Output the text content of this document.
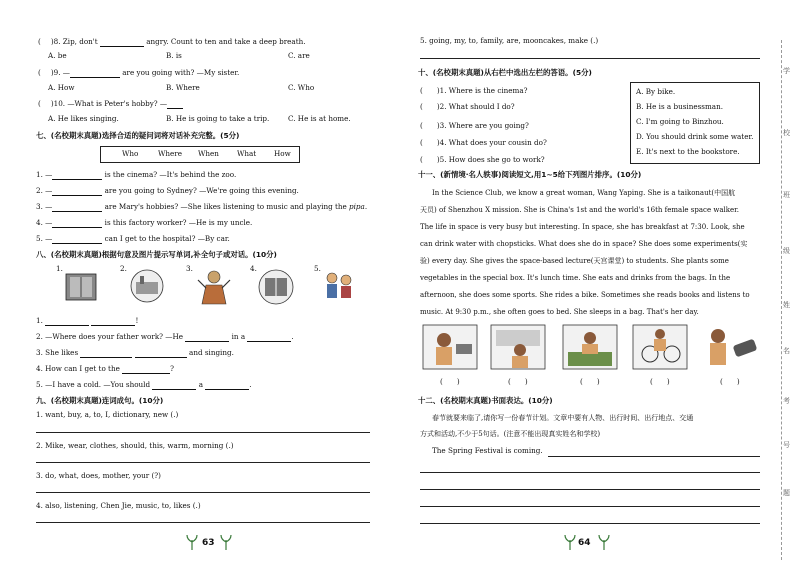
( )8. Zip, don't	angry. Count to ten and take a deep breath.
A. be	B. is	C. are
( )9. —	are you going with? —My sister.
A. How	B. Where	C. Who
( )10. —What is Peter's hobby? —
A. He likes singing.	B. He is going to take a trip.	C. He is at home.
七、(名校期末真题)选择合适的疑问词将对话补充完整。(5分)
Who	Where When	What How
1. —	is the cinema? —It's behind the zoo.
2. —	are you going to Sydney? —We're going this evening.
3. —	are Mary's hobbies? —She likes listening to music and playing the pipa.
4. —	is this factory worker? —He is my uncle.
5. —	can I get to the hospital? —By car.
八、(名校期末真题)根据句意及图片提示写单词,补全句子或对话。(10分)
1.	2.	3.	4.	5.
1.	!
2. —Where does your father work? —He	in a	.
3. She likes	and singing.
4. How can I get to the	?
5. —I have a cold. —You should	a	.
九、(名校期末真题)连词成句。(10分)
1. want, buy, a, to, I, dictionary, new (.)
2. Mike, wear, clothes, should, this, warm, morning (.)
3. do, what, does, mother, your (?)
4. also, listening, Chen Jie, music, to, likes (.)
63
5. going, my, to, family, are, mooncakes, make (.)
十、(名校期末真题)从右栏中选出左栏的答语。(5分)
( )1. Where is the cinema?
( )2. What should I do?
( )3. Where are you going?
( )4. What does your cousin do?
( )5. How does she go to work?
A. By bike.
B. He is a businessman.
C. I'm going to Binzhou.
D. You should drink some water.
E. It's next to the bookstore.
十一、(新情境·名人轶事)阅读短文,用1~5给下列图片排序。(10分)
In the Science Club, we know a great woman, Wang Yaping. She is a taikonaut(中国航
天员) of Shenzhou X mission. She is China's 1st and the world's 16th female space walker.
The life in space is very busy but interesting. In space, she has breakfast at 7:30. Look, she
can drink water with chopsticks. What does she do in space? She does some experiments(实
验) every day. She gives the space-based lecture(天宫课堂) to students. She plants some
vegetables in the special box. It's lunch time. She eats and drinks from the bags. In the
afternoon, she does some sports. She rides a bike. Sometimes she reads books and listens to
music. At 9:30 p.m., she often goes to bed. She sleeps in a bag. That's her day.
( )	( )	( )	( )	( )
十二、(名校期末真题)书面表达。(10分)
春节就要来临了,请你写一份春节计划。文章中要有人物、出行时间、出行地点、交通
方式和活动,不少于5句话。(注意不能出现真实姓名和学校)
The Spring Festival is coming.
64
学
校
班
级
姓
名
考
号
题
